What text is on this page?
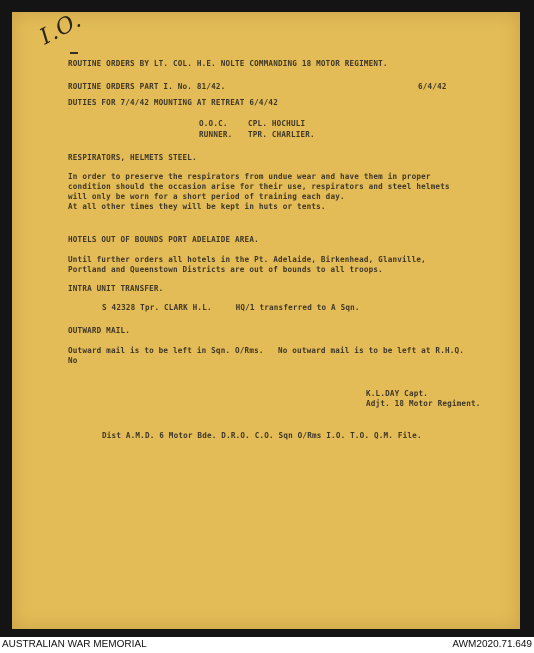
I.O.
ROUTINE ORDERS BY LT. COL. H.E. NOLTE COMMANDING 18 MOTOR REGIMENT.
ROUTINE ORDERS PART I. No. 81/42.	6/4/42
DUTIES FOR 7/4/42 MOUNTING AT RETREAT 6/4/42
O.O.C.	CPL. HOCHULI
RUNNER. TPR. CHARLIER.
RESPIRATORS, HELMETS STEEL.
In order to preserve the respirators from undue wear and have them in proper
condition should the occasion arise for their use, respirators and steel helmets
will only be worn for a short period of training each day.
At all other times they will be kept in huts or tents.
HOTELS OUT OF BOUNDS PORT ADELAIDE AREA.
Until further orders all hotels in the Pt. Adelaide, Birkenhead, Glanville,
Portland and Queenstown Districts are out of bounds to all troops.
INTRA UNIT TRANSFER.
S 42328 Tpr. CLARK H.L.     HQ/1 transferred to A Sqn.
OUTWARD MAIL.
Outward mail is to be left in Sqn. O/Rms.   No outward mail is to be left at R.H.Q.
No
K.L.DAY Capt.
Adjt. 18 Motor Regiment.
Dist A.M.D. 6 Motor Bde. D.R.O. C.O. Sqn O/Rms I.O. T.O. Q.M. File.
AUSTRALIAN WAR MEMORIAL	AWM2020.71.649
